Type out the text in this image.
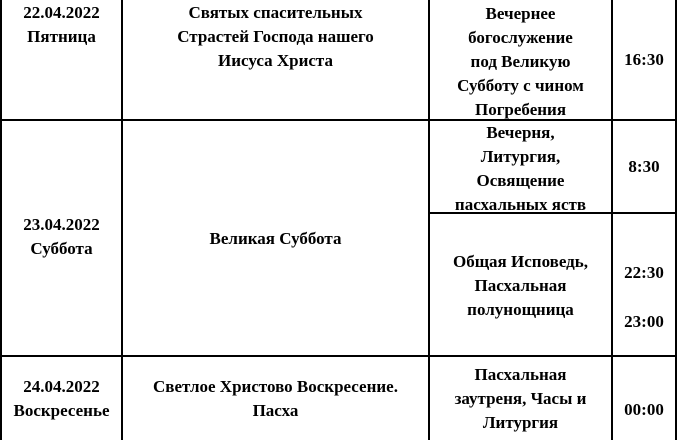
22.04.2022
Пятница
Святых спасительных
Страстей Господа нашего
Иисуса Христа
Вечернее
богослужение
под Великую
Субботу с чином
Погребения
16:30
23.04.2022
Суббота
Великая Суббота
Вечерня,
Литургия,
Освящение
пасхальных яств
8:30
Общая Исповедь,
Пасхальная
полунощница
22:30
23:00
24.04.2022
Воскресенье
Светлое Христово Воскресение.
Пасха
Пасхальная
заутреня, Часы и
Литургия
00:00
